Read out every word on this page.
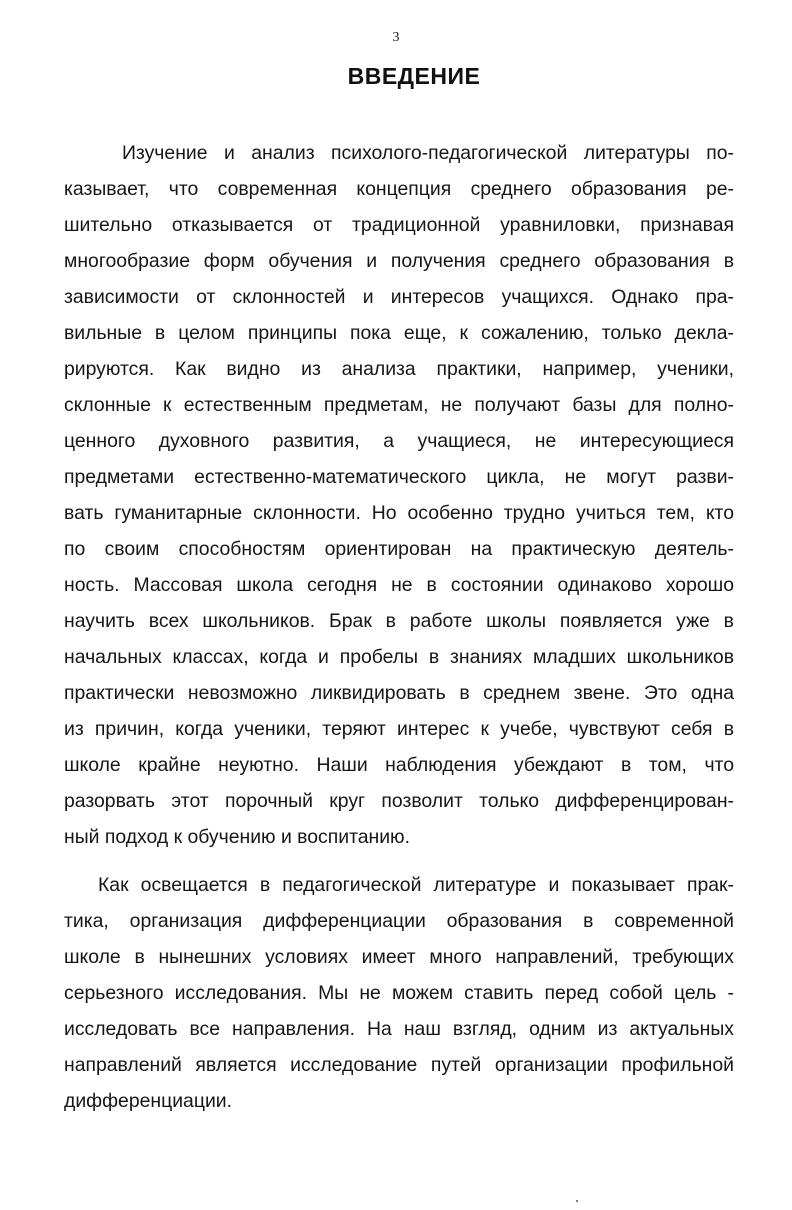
3
ВВЕДЕНИЕ
Изучение и анализ психолого-педагогической литературы по-
казывает, что современная концепция среднего образования ре-
шительно отказывается от традиционной уравниловки, признавая
многообразие форм обучения и получения среднего образования в
зависимости от склонностей и интересов учащихся. Однако пра-
вильные в целом принципы пока еще, к сожалению, только декла-
рируются. Как видно из анализа практики, например, ученики,
склонные к естественным предметам, не получают базы для полно-
ценного духовного развития, а учащиеся, не интересующиеся
предметами естественно-математического цикла, не могут разви-
вать гуманитарные склонности. Но особенно трудно учиться тем, кто
по своим способностям ориентирован на практическую деятель-
ность. Массовая школа сегодня не в состоянии одинаково хорошо
научить всех школьников. Брак в работе школы появляется уже в
начальных классах, когда и пробелы в знаниях младших школьников
практически невозможно ликвидировать в среднем звене. Это одна
из причин, когда ученики, теряют интерес к учебе, чувствуют себя в
школе крайне неуютно. Наши наблюдения убеждают в том, что
разорвать этот порочный круг позволит только дифференцирован-
ный подход к обучению и воспитанию.
Как освещается в педагогической литературе и показывает прак-
тика, организация дифференциации образования в современной
школе в нынешних условиях имеет много направлений, требующих
серьезного исследования. Мы не можем ставить перед собой цель -
исследовать все направления. На наш взгляд, одним из актуальных
направлений является исследование путей организации профильной
дифференциации.
